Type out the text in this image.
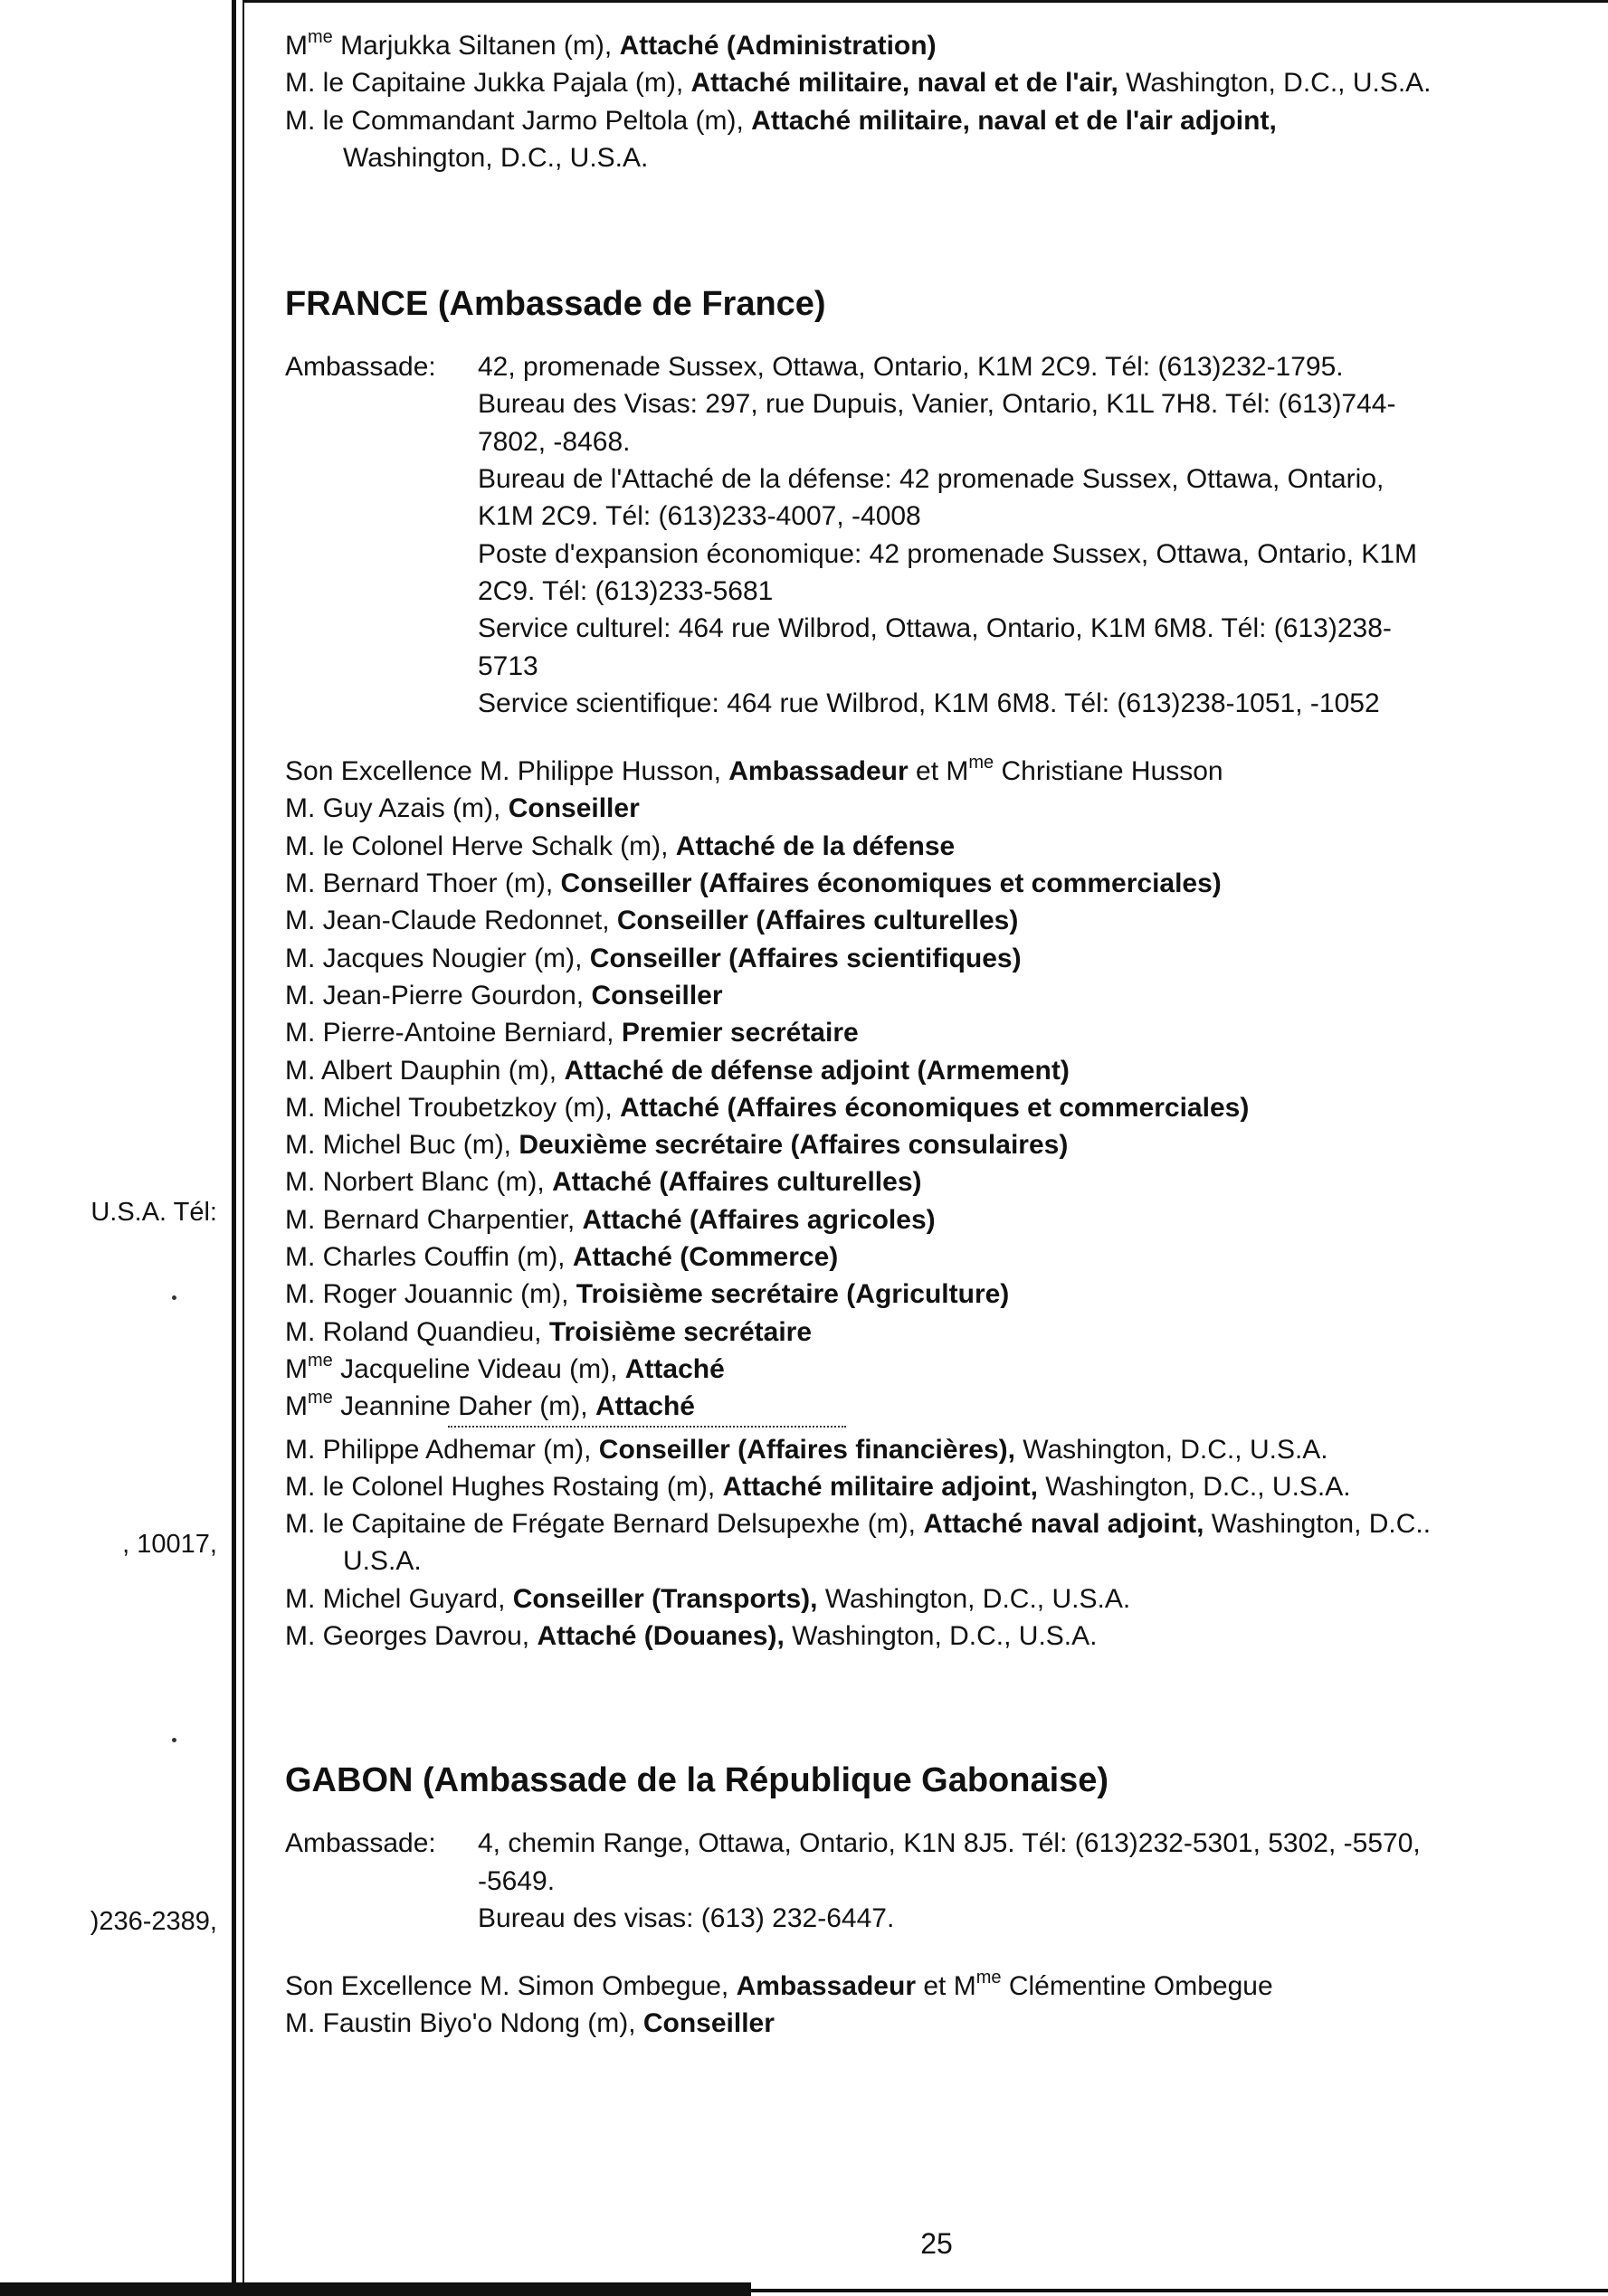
U.S.A. Tél:
, 10017,
)236-2389,
$M^{me}$ Marjukka Siltanen (m), Attaché (Administration)
M. le Capitaine Jukka Pajala (m), Attaché militaire, naval et de l'air, Washington, D.C., U.S.A.
M. le Commandant Jarmo Peltola (m), Attaché militaire, naval et de l'air adjoint,
Washington, D.C., U.S.A.
FRANCE (Ambassade de France)
Ambassade: 42, promenade Sussex, Ottawa, Ontario, K1M 2C9. Tél: (613)232-1795.
Bureau des Visas: 297, rue Dupuis, Vanier, Ontario, K1L 7H8. Tél: (613)744-
7802, -8468.
Bureau de l'Attaché de la défense: 42 promenade Sussex, Ottawa, Ontario,
K1M 2C9. Tél: (613)233-4007, -4008
Poste d'expansion économique: 42 promenade Sussex, Ottawa, Ontario, K1M
2C9. Tél: (613)233-5681
Service culturel: 464 rue Wilbrod, Ottawa, Ontario, K1M 6M8. Tél: (613)238-
5713
Service scientifique: 464 rue Wilbrod, K1M 6M8. Tél: (613)238-1051, -1052
Son Excellence M. Philippe Husson, Ambassadeur et $M^{me}$ Christiane Husson
M. Guy Azais (m), Conseiller
M. le Colonel Herve Schalk (m), Attaché de la défense
M. Bernard Thoer (m), Conseiller (Affaires économiques et commerciales)
M. Jean-Claude Redonnet, Conseiller (Affaires culturelles)
M. Jacques Nougier (m), Conseiller (Affaires scientifiques)
M. Jean-Pierre Gourdon, Conseiller
M. Pierre-Antoine Berniard, Premier secrétaire
M. Albert Dauphin (m), Attaché de défense adjoint (Armement)
M. Michel Troubetzkoy (m), Attaché (Affaires économiques et commerciales)
M. Michel Buc (m), Deuxième secrétaire (Affaires consulaires)
M. Norbert Blanc (m), Attaché (Affaires culturelles)
M. Bernard Charpentier, Attaché (Affaires agricoles)
M. Charles Couffin (m), Attaché (Commerce)
M. Roger Jouannic (m), Troisième secrétaire (Agriculture)
M. Roland Quandieu, Troisième secrétaire
$M^{me}$ Jacqueline Videau (m), Attaché
$M^{me}$ Jeannine Daher (m), Attaché
M. Philippe Adhemar (m), Conseiller (Affaires financières), Washington, D.C., U.S.A.
M. le Colonel Hughes Rostaing (m), Attaché militaire adjoint, Washington, D.C., U.S.A.
M. le Capitaine de Frégate Bernard Delsupexhe (m), Attaché naval adjoint, Washington, D.C..
U.S.A.
M. Michel Guyard, Conseiller (Transports), Washington, D.C., U.S.A.
M. Georges Davrou, Attaché (Douanes), Washington, D.C., U.S.A.
GABON (Ambassade de la République Gabonaise)
Ambassade: 4, chemin Range, Ottawa, Ontario, K1N 8J5. Tél: (613)232-5301, 5302, -5570,
-5649.
Bureau des visas: (613) 232-6447.
Son Excellence M. Simon Ombegue, Ambassadeur et $M^{me}$ Clémentine Ombegue
M. Faustin Biyo'o Ndong (m), Conseiller
25
